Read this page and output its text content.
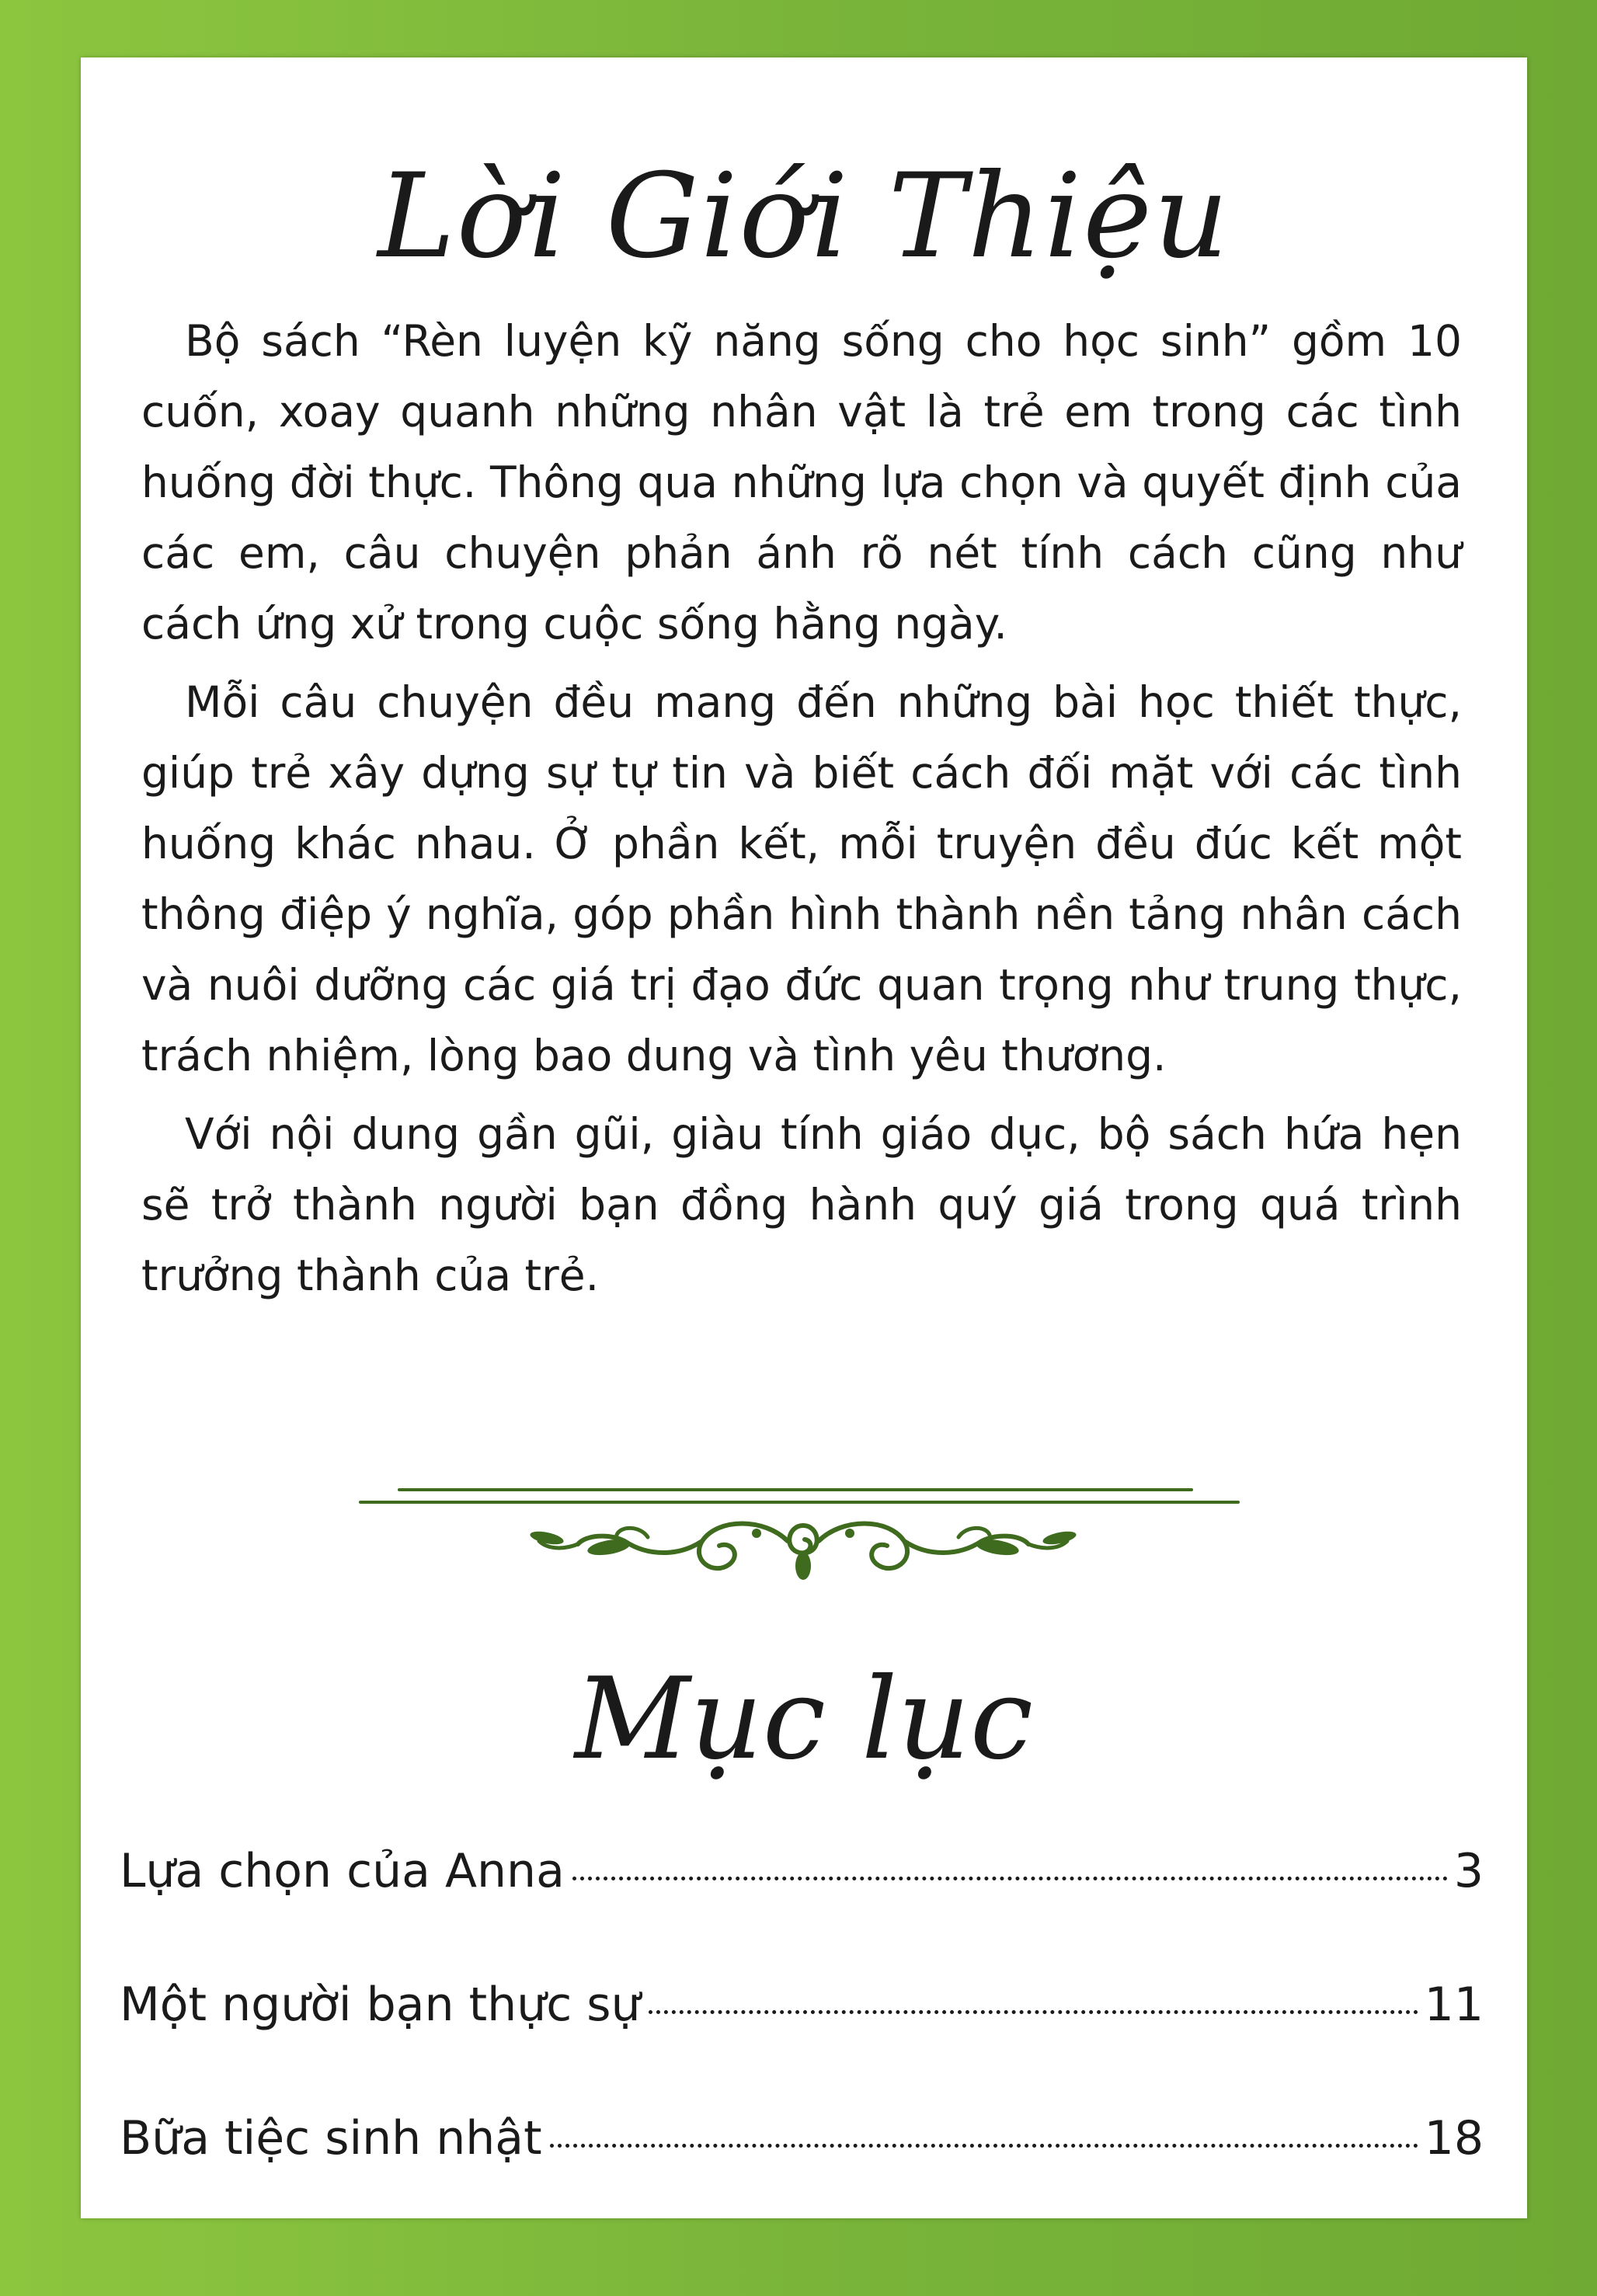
Lời Giới Thiệu

Bộ sách “Rèn luyện kỹ năng sống cho học sinh” gồm 10 cuốn, xoay quanh những nhân vật là trẻ em trong các tình huống đời thực. Thông qua những lựa chọn và quyết định của các em, câu chuyện phản ánh rõ nét tính cách cũng như cách ứng xử trong cuộc sống hằng ngày.

Mỗi câu chuyện đều mang đến những bài học thiết thực, giúp trẻ xây dựng sự tự tin và biết cách đối mặt với các tình huống khác nhau. Ở phần kết, mỗi truyện đều đúc kết một thông điệp ý nghĩa, góp phần hình thành nền tảng nhân cách và nuôi dưỡng các giá trị đạo đức quan trọng như trung thực, trách nhiệm, lòng bao dung và tình yêu thương.

Với nội dung gần gũi, giàu tính giáo dục, bộ sách hứa hẹn sẽ trở thành người bạn đồng hành quý giá trong quá trình trưởng thành của trẻ.

Mục lục
Lựa chọn của Anna	3
Một người bạn thực sự	11
Bữa tiệc sinh nhật	18
